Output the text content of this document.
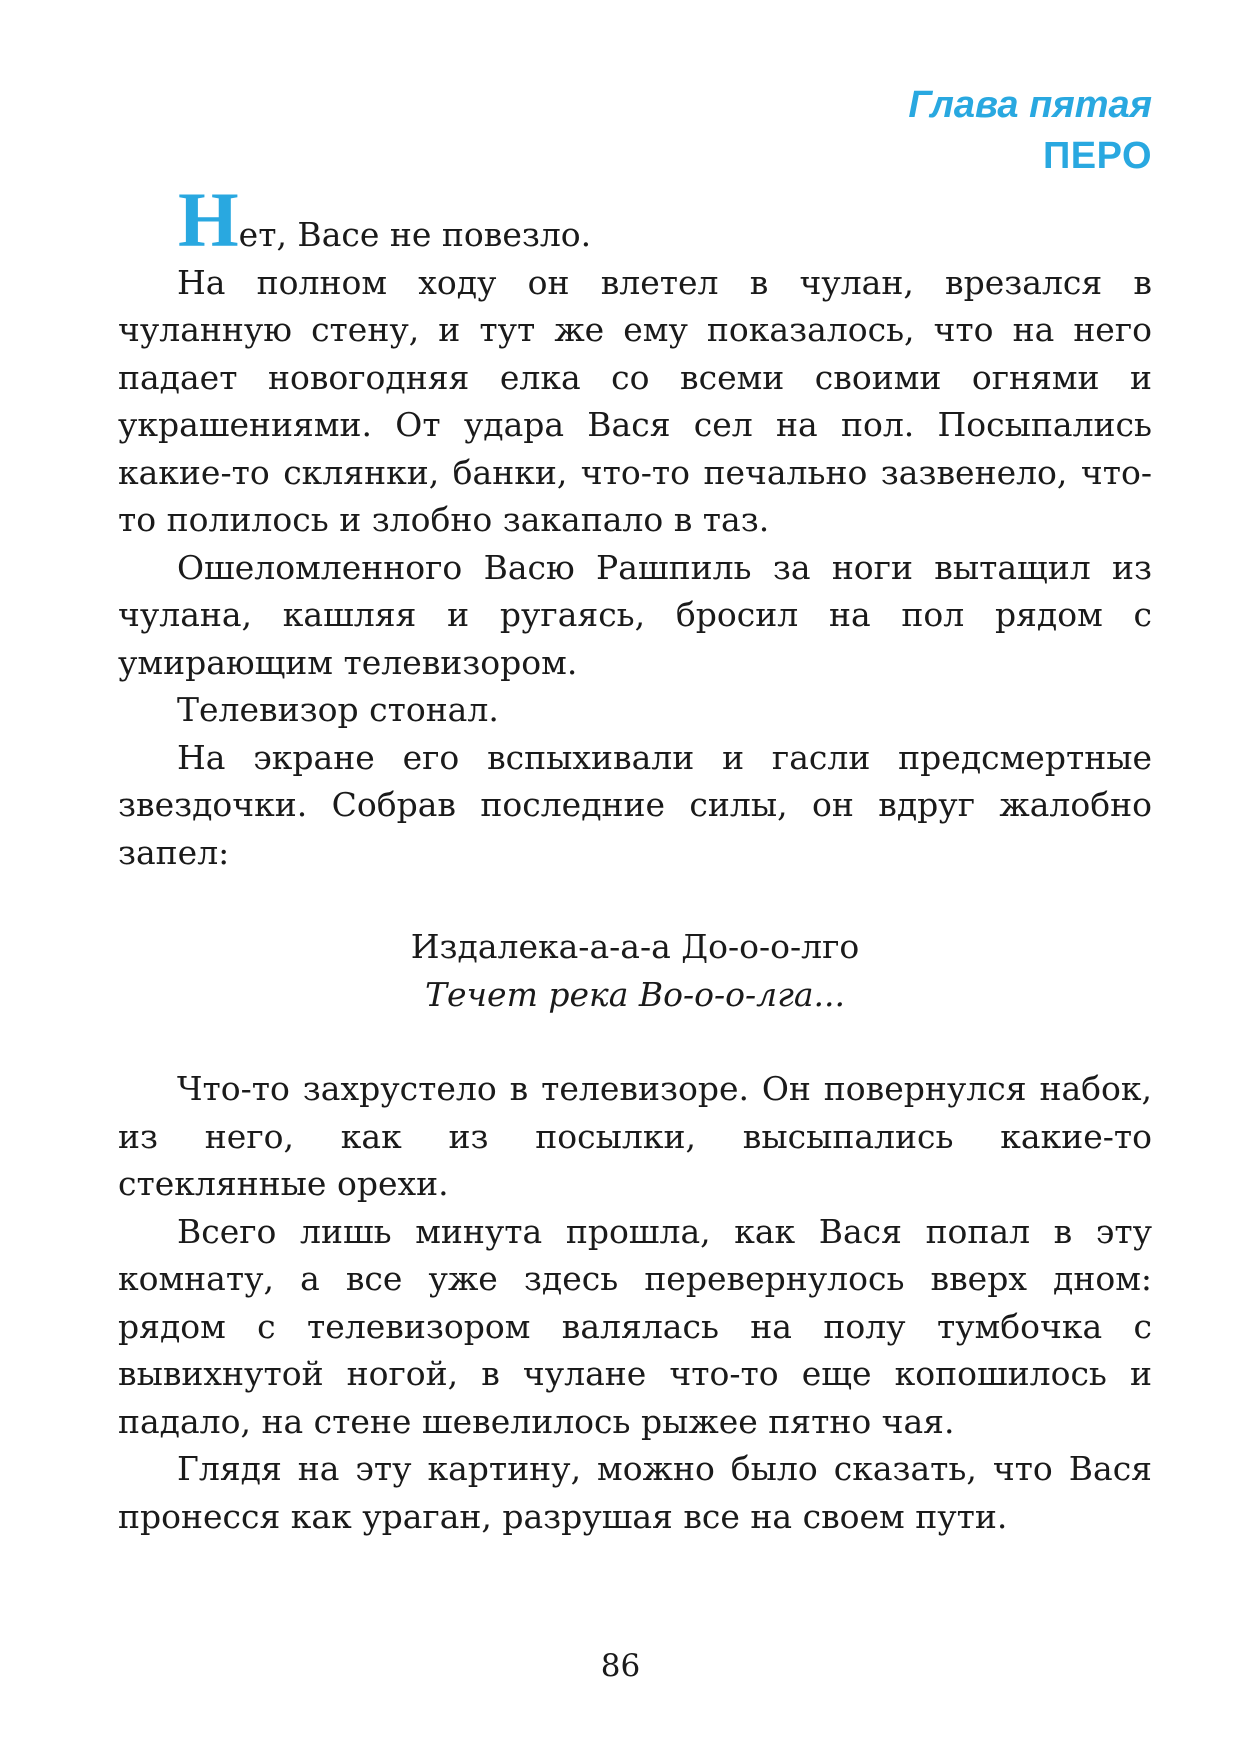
Глава пятая
ПЕРО

Нет, Васе не повезло.

На полном ходу он влетел в чулан, врезался в чуланную стену, и тут же ему показалось, что на него падает новогодняя елка со всеми своими огнями и украшениями. От удара Вася сел на пол. Посыпались какие-то склянки, банки, что-то печально зазвенело, что-то полилось и злобно закапало в таз.

Ошеломленного Васю Рашпиль за ноги вытащил из чулана, кашляя и ругаясь, бросил на пол рядом с умирающим телевизором.

Телевизор стонал.

На экране его вспыхивали и гасли предсмертные звездочки. Собрав последние силы, он вдруг жалобно запел:

Издалека-а-а-а До-о-о-лго
Течет река Во-о-о-лга...

Что-то захрустело в телевизоре. Он повернулся набок, из него, как из посылки, высыпались какие-то стеклянные орехи.

Всего лишь минута прошла, как Вася попал в эту комнату, а все уже здесь перевернулось вверх дном: рядом с телевизором валялась на полу тумбочка с вывихнутой ногой, в чулане что-то еще копошилось и падало, на стене шевелилось рыжее пятно чая.

Глядя на эту картину, можно было сказать, что Вася пронесся как ураган, разрушая все на своем пути.

86
